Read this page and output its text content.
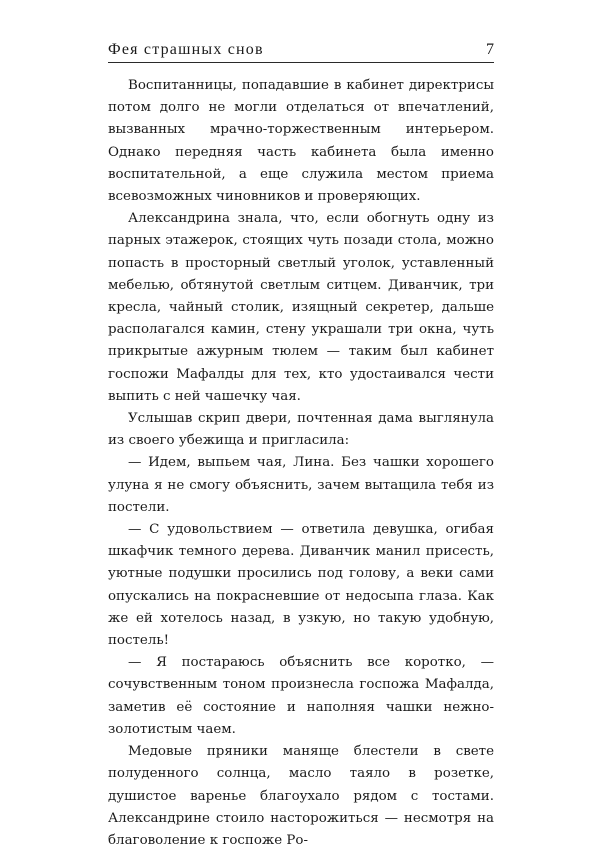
Фея страшных снов	7

Воспитанницы, попадавшие в кабинет директрисы потом долго не могли отделаться от впечатлений, вызванных мрачно-торжественным интерьером. Однако передняя часть кабинета была именно воспитательной, а еще служила местом приема всевозможных чиновников и проверяющих.

Александрина знала, что, если обогнуть одну из парных этажерок, стоящих чуть позади стола, можно попасть в просторный светлый уголок, уставленный мебелью, обтянутой светлым ситцем. Диванчик, три кресла, чайный столик, изящный секретер, дальше располагался камин, стену украшали три окна, чуть прикрытые ажурным тюлем — таким был кабинет госпожи Мафалды для тех, кто удостаивался чести выпить с ней чашечку чая.

Услышав скрип двери, почтенная дама выглянула из своего убежища и пригласила:

— Идем, выпьем чая, Лина. Без чашки хорошего улуна я не смогу объяснить, зачем вытащила тебя из постели.

— С удовольствием — ответила девушка, огибая шкафчик темного дерева. Диванчик манил присесть, уютные подушки просились под голову, а веки сами опускались на покрасневшие от недосыпа глаза. Как же ей хотелось назад, в узкую, но такую удобную, постель!

— Я постараюсь объяснить все коротко, — сочувственным тоном произнесла госпожа Мафалда, заметив её состояние и наполняя чашки нежно-золотистым чаем.

Медовые пряники маняще блестели в свете полуденного солнца, масло таяло в розетке, душистое варенье благоухало рядом с тостами. Александрине стоило насторожиться — несмотря на благоволение к госпоже Ро-
